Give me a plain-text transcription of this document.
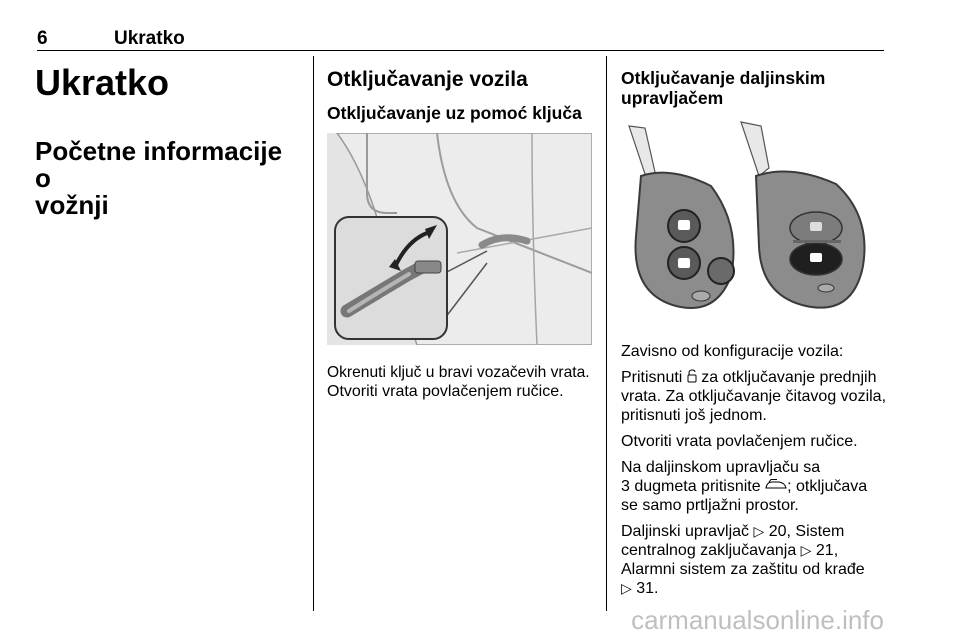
6	Ukratko
Ukratko
Početne informacije o
vožnji
Otključavanje vozila
Otključavanje uz pomoć ključa

Okrenuti ključ u bravi vozačevih vrata.

Otvoriti vrata povlačenjem ručice.

Otključavanje daljinskim
upravljačem

Zavisno od konfiguracije vozila:

Pritisnuti za otključavanje prednjih
vrata. Za otključavanje čitavog vozila,
pritisnuti još jednom.

Otvoriti vrata povlačenjem ručice.

Na daljinskom upravljaču sa
3 dugmeta pritisnite ; otključava
se samo prtljažni prostor.

Daljinski upravljač ▷ 20, Sistem
centralnog zaključavanja ▷ 21,
Alarmni sistem za zaštitu od krađe
▷ 31.

carmanualsonline.info
